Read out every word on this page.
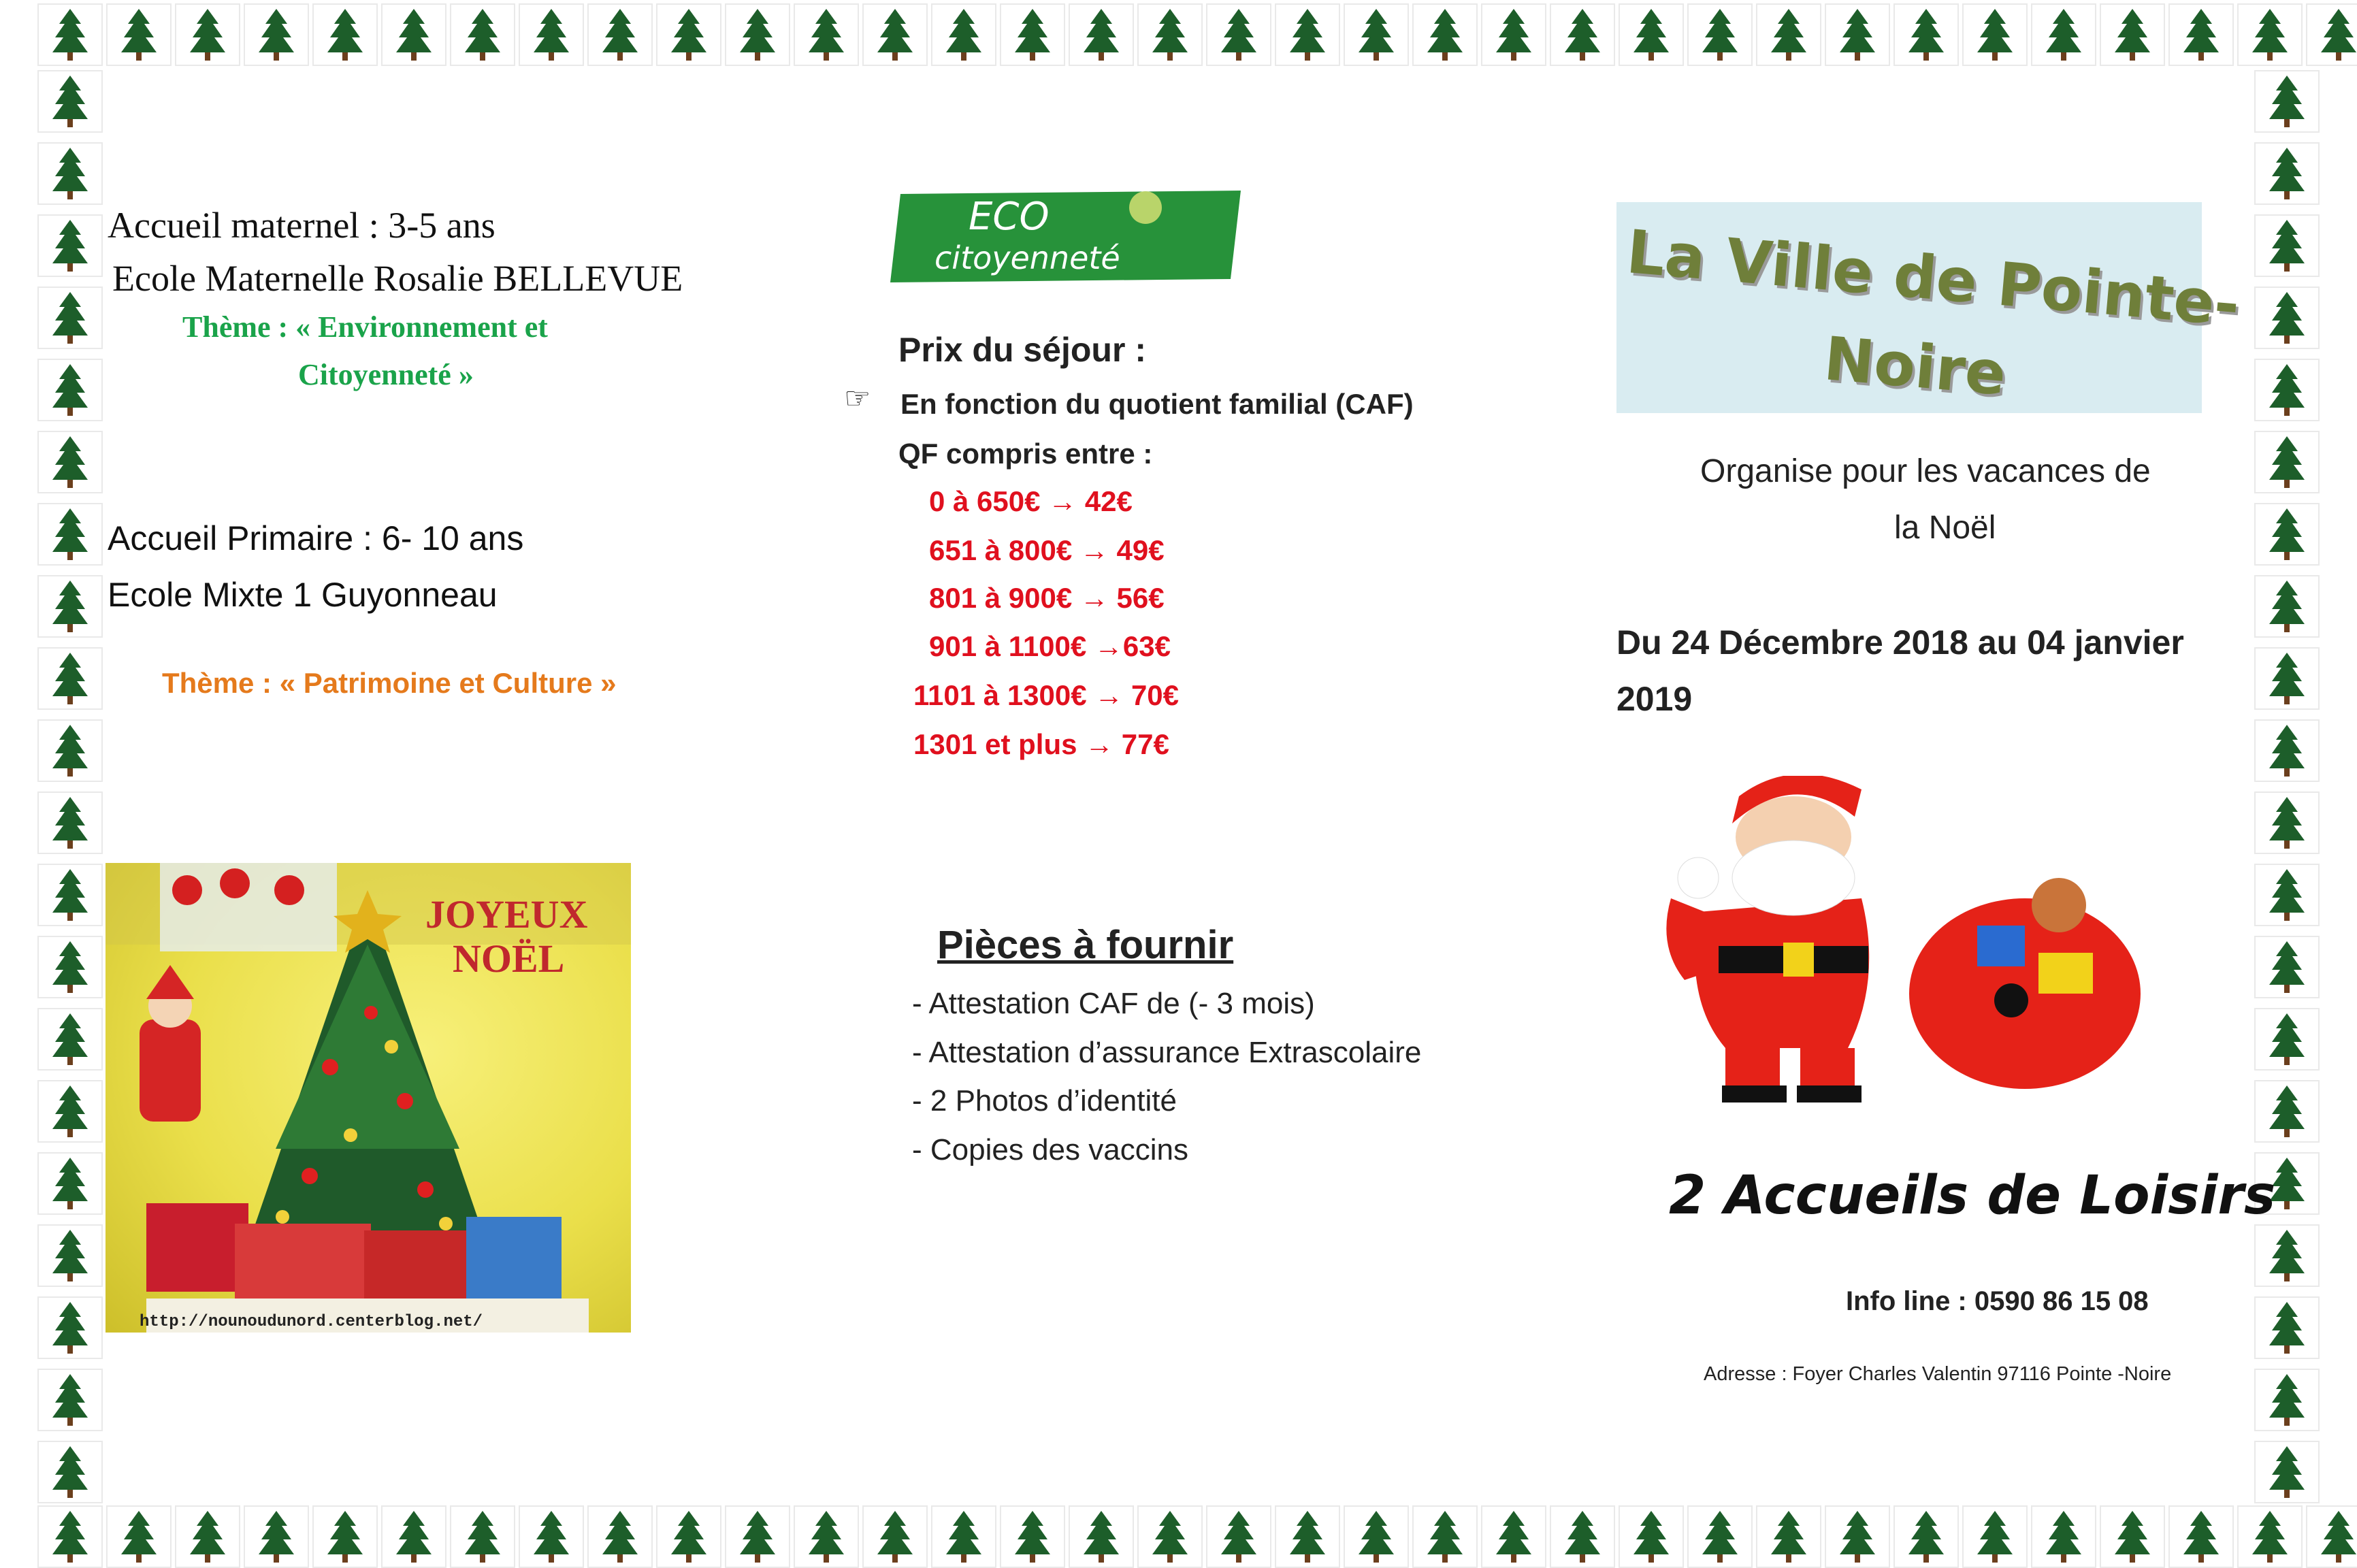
Accueil maternel : 3-5 ans
Ecole Maternelle Rosalie BELLEVUE
Thème : « Environnement et
Citoyenneté »
Accueil Primaire : 6- 10 ans
Ecole Mixte 1 Guyonneau
Thème : « Patrimoine et Culture »
JOYEUX
NOËL
http://nounoudunord.centerblog.net/
ECO
citoyenneté
Prix du séjour :
☞ En fonction du quotient familial (CAF)
QF compris entre :
0 à 650€ → 42€
651 à 800€ → 49€
801 à 900€ → 56€
901 à 1100€ →63€
1101 à 1300€ → 70€
1301 et plus → 77€
Pièces à fournir
- Attestation CAF de (- 3 mois)
- Attestation d’assurance Extrascolaire
- 2 Photos d’identité
- Copies des vaccins
La Ville de Pointe-
Noire
Organise pour les vacances de
la Noël
Du 24 Décembre 2018 au 04 janvier
2019
2 Accueils de Loisirs
Info line : 0590 86 15 08
Adresse : Foyer Charles Valentin 97116 Pointe -Noire
